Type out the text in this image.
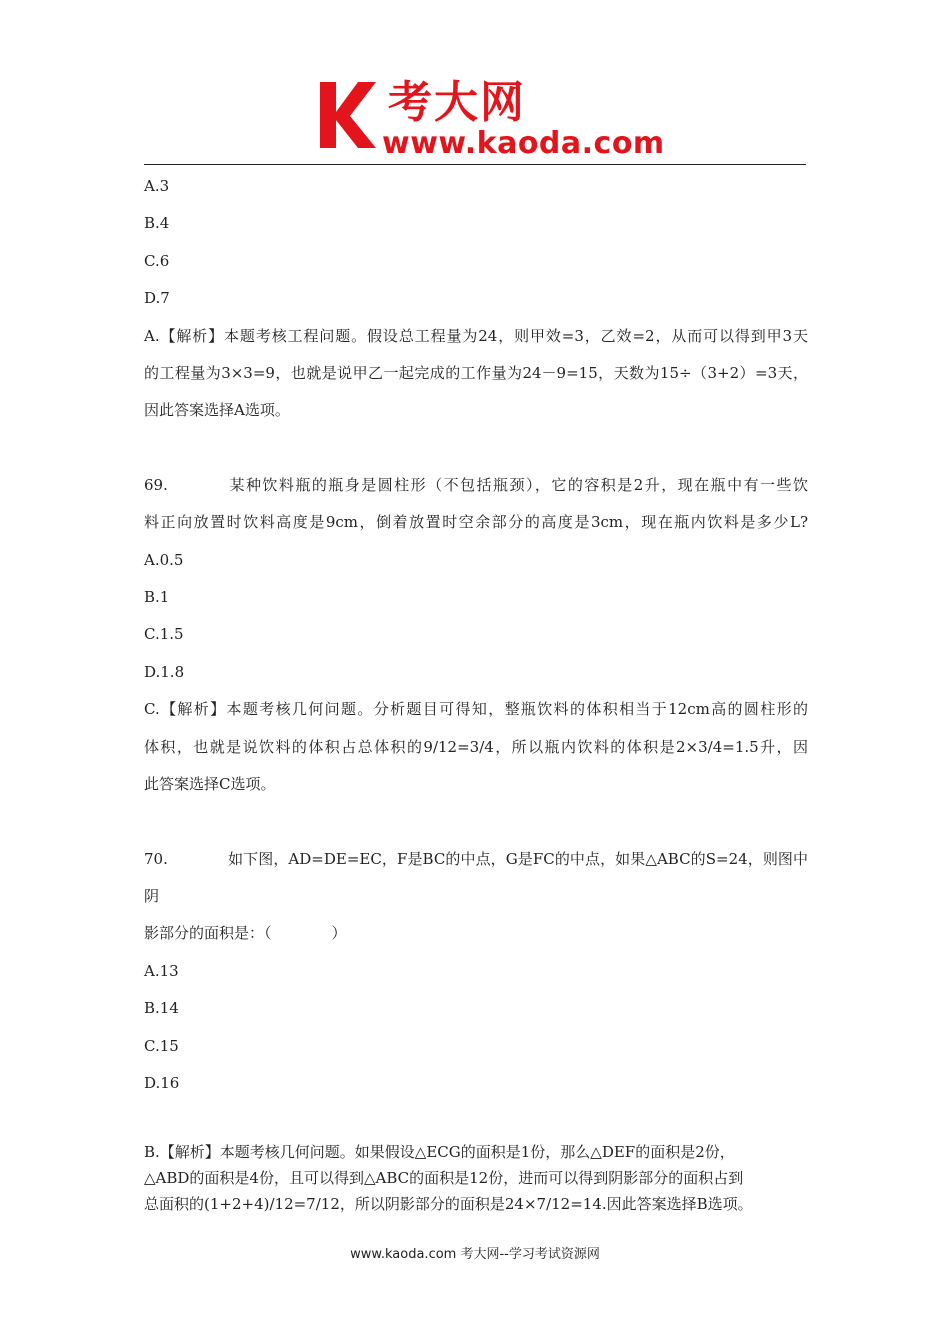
考大网
www.kaoda.com

A.3

B.4

C.6

D.7

A.【解析】本题考核工程问题。假设总工程量为24，则甲效=3，乙效=2，从而可以得到甲3天

的工程量为3×3=9，也就是说甲乙一起完成的工作量为24－9=15，天数为15÷（3+2）=3天，

因此答案选择A选项。

69.	某种饮料瓶的瓶身是圆柱形（不包括瓶颈），它的容积是2升，现在瓶中有一些饮

料正向放置时饮料高度是9cm，倒着放置时空余部分的高度是3cm，现在瓶内饮料是多少L?

A.0.5

B.1

C.1.5

D.1.8

C.【解析】本题考核几何问题。分析题目可得知，整瓶饮料的体积相当于12cm高的圆柱形的

体积，也就是说饮料的体积占总体积的9/12=3/4，所以瓶内饮料的体积是2×3/4=1.5升，因

此答案选择C选项。

70.	如下图，AD=DE=EC，F是BC的中点，G是FC的中点，如果△ABC的S=24，则图中阴

影部分的面积是：（　　　　）

A.13

B.14

C.15

D.16

B.【解析】本题考核几何问题。如果假设△ECG的面积是1份，那么△DEF的面积是2份，

△ABD的面积是4份，且可以得到△ABC的面积是12份，进而可以得到阴影部分的面积占到

总面积的(1+2+4)/12=7/12，所以阴影部分的面积是24×7/12=14.因此答案选择B选项。

www.kaoda.com 考大网--学习考试资源网
